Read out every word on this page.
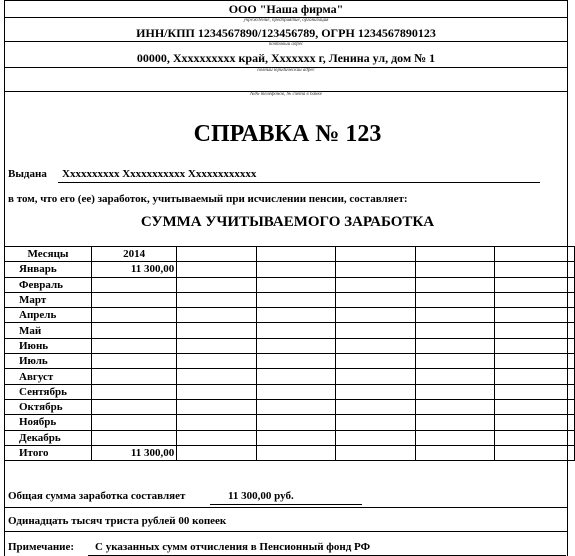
ООО "Наша фирма"
учреждение, предприятие, организация
ИНН/КПП 1234567890/123456789, ОГРН 1234567890123
почтовый адрес
00000, Хххххххххх край, Ххххххх г, Ленина ул, дом № 1
полный юридический адрес
№№ телефонов, № счета в банке
СПРАВКА № 123
Выдана Хххххххххх Ххххххххххх Хххххххххххх
в том, что его (ее) заработок, учитываемый при исчислении пенсии, составляет:
СУММА УЧИТЫВАЕМОГО ЗАРАБОТКА
Месяцы	2014					
Январь	11 300,00					
Февраль						
Март						
Апрель						
Май						
Июнь						
Июль						
Август						
Сентябрь						
Октябрь						
Ноябрь						
Декабрь						
Итого	11 300,00					
Общая сумма заработка составляет	11 300,00 руб.
Одинадцать тысяч триста рублей 00 копеек
Примечание: С указанных сумм отчисления в Пенсионный фонд РФ
